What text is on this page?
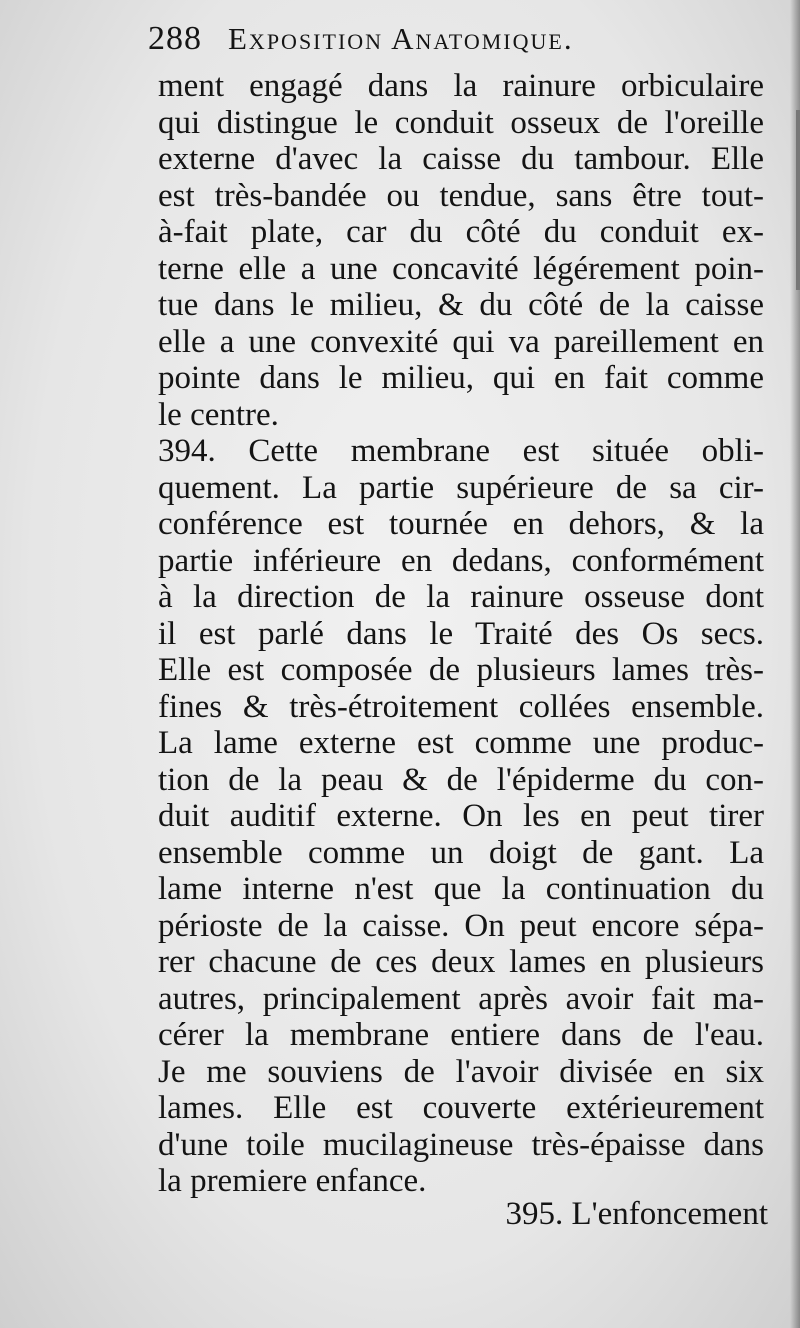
288 Exposition Anatomique.
ment engagé dans la rainure orbiculaire
qui distingue le conduit osseux de l'oreille
externe d'avec la caisse du tambour. Elle
est très-bandée ou tendue, sans être tout-
à-fait plate, car du côté du conduit ex-
terne elle a une concavité légérement poin-
tue dans le milieu, & du côté de la caisse
elle a une convexité qui va pareillement en
pointe dans le milieu, qui en fait comme
le centre.
394. Cette membrane est située obli-
quement. La partie supérieure de sa cir-
conférence est tournée en dehors, & la
partie inférieure en dedans, conformément
à la direction de la rainure osseuse dont
il est parlé dans le Traité des Os secs.
Elle est composée de plusieurs lames très-
fines & très-étroitement collées ensemble.
La lame externe est comme une produc-
tion de la peau & de l'épiderme du con-
duit auditif externe. On les en peut tirer
ensemble comme un doigt de gant. La
lame interne n'est que la continuation du
périoste de la caisse. On peut encore sépa-
rer chacune de ces deux lames en plusieurs
autres, principalement après avoir fait ma-
cérer la membrane entiere dans de l'eau.
Je me souviens de l'avoir divisée en six
lames. Elle est couverte extérieurement
d'une toile mucilagineuse très-épaisse dans
la premiere enfance.
395. L'enfoncement
